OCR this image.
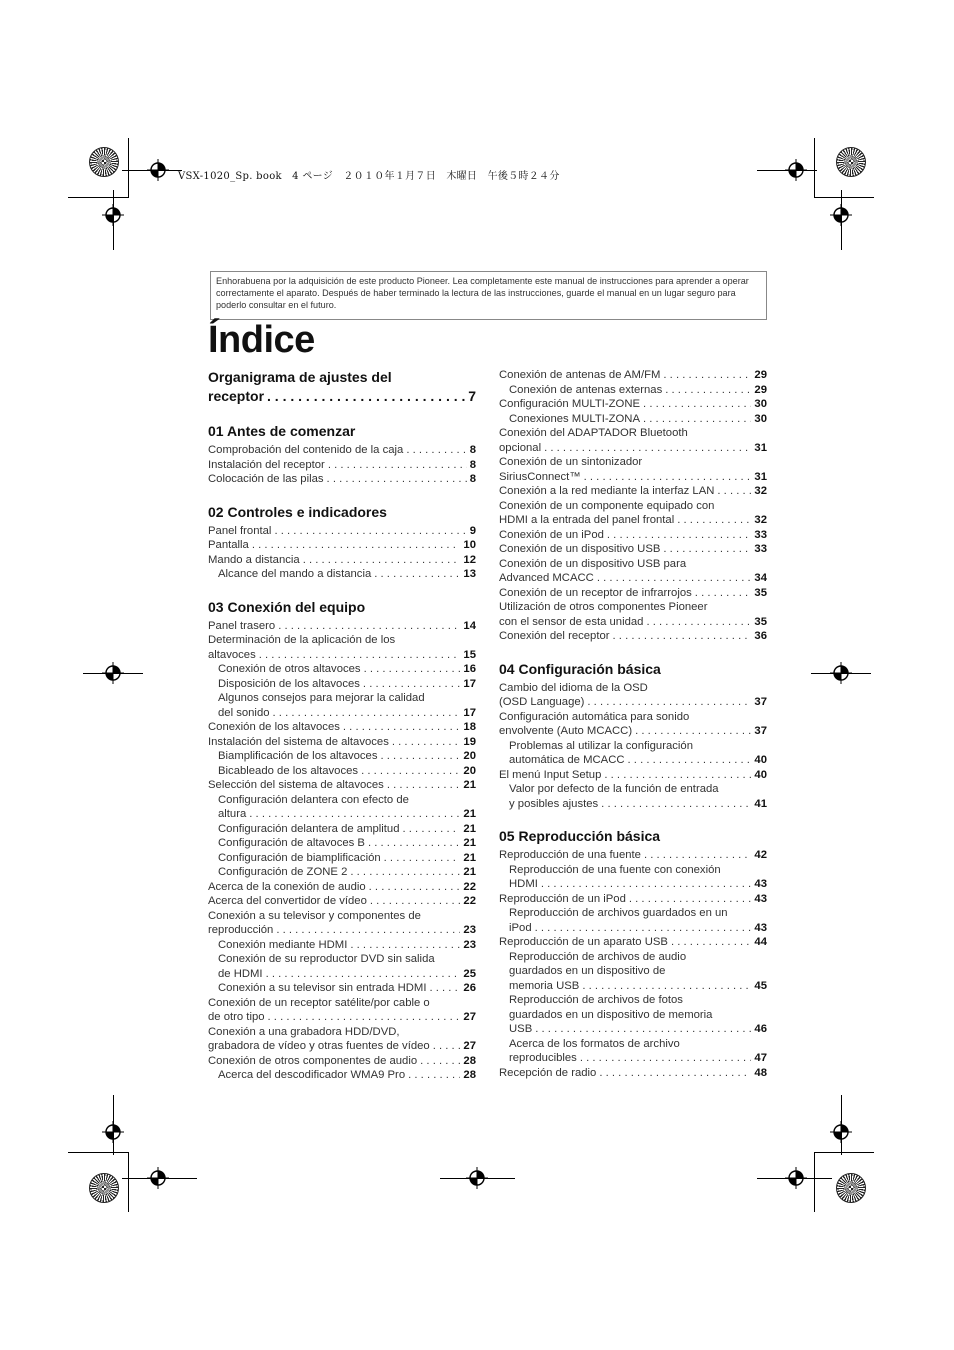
VSX-1020_Sp. book　4 ページ　２０１０年１月７日　木曜日　午後５時２４分
Enhorabuena por la adquisición de este producto Pioneer. Lea completamente este manual de instrucciones para aprender a operar correctamente el aparato. Después de haber terminado la lectura de las instrucciones, guarde el manual en un lugar seguro para poderlo consultar en el futuro.
Índice
Organigrama de ajustes del
receptor . . .	7
01 Antes de comenzar
Comprobación del contenido de la caja . . .	8
Instalación del receptor . . .	8
Colocación de las pilas . . .	8
02 Controles e indicadores
Panel frontal . . .	9
Pantalla . . .	10
Mando a distancia . . .	12
Alcance del mando a distancia . . .	13
03 Conexión del equipo
Panel trasero . . .	14
Determinación de la aplicación de los
altavoces . . .	15
Conexión de otros altavoces . . .	16
Disposición de los altavoces . . .	17
Algunos consejos para mejorar la calidad
del sonido . . .	17
Conexión de los altavoces . . .	18
Instalación del sistema de altavoces . . .	19
Biamplificación de los altavoces . . .	20
Bicableado de los altavoces . . .	20
Selección del sistema de altavoces . . .	21
Configuración delantera con efecto de
altura . . .	21
Configuración delantera de amplitud . . .	21
Configuración de altavoces B . . .	21
Configuración de biamplificación . . .	21
Configuración de ZONE 2 . . .	21
Acerca de la conexión de audio . . .	22
Acerca del convertidor de vídeo . . .	22
Conexión a su televisor y componentes de
reproducción . . .	23
Conexión mediante HDMI . . .	23
Conexión de su reproductor DVD sin salida
de HDMI . . .	25
Conexión a su televisor sin entrada HDMI . . .	26
Conexión de un receptor satélite/por cable o
de otro tipo . . .	27
Conexión a una grabadora HDD/DVD,
grabadora de vídeo y otras fuentes de vídeo . . .	27
Conexión de otros componentes de audio . . .	28
Acerca del descodificador WMA9 Pro . . .	28
Conexión de antenas de AM/FM . . .	29
Conexión de antenas externas . . .	29
Configuración MULTI-ZONE . . .	30
Conexiones MULTI-ZONA . . .	30
Conexión del ADAPTADOR Bluetooth
opcional . . .	31
Conexión de un sintonizador
SiriusConnect™ . . .	31
Conexión a la red mediante la interfaz LAN . . .	32
Conexión de un componente equipado con
HDMI a la entrada del panel frontal . . .	32
Conexión de un iPod . . .	33
Conexión de un dispositivo USB . . .	33
Conexión de un dispositivo USB para
Advanced MCACC . . .	34
Conexión de un receptor de infrarrojos . . .	35
Utilización de otros componentes Pioneer
con el sensor de esta unidad . . .	35
Conexión del receptor . . .	36
04 Configuración básica
Cambio del idioma de la OSD
(OSD Language) . . .	37
Configuración automática para sonido
envolvente (Auto MCACC) . . .	37
Problemas al utilizar la configuración
automática de MCACC . . .	40
El menú Input Setup . . .	40
Valor por defecto de la función de entrada
y posibles ajustes . . .	41
05 Reproducción básica
Reproducción de una fuente . . .	42
Reproducción de una fuente con conexión
HDMI . . .	43
Reproducción de un iPod . . .	43
Reproducción de archivos guardados en un
iPod . . .	43
Reproducción de un aparato USB . . .	44
Reproducción de archivos de audio
guardados en un dispositivo de
memoria USB . . .	45
Reproducción de archivos de fotos
guardados en un dispositivo de memoria
USB . . .	46
Acerca de los formatos de archivo
reproducibles . . .	47
Recepción de radio . . .	48
